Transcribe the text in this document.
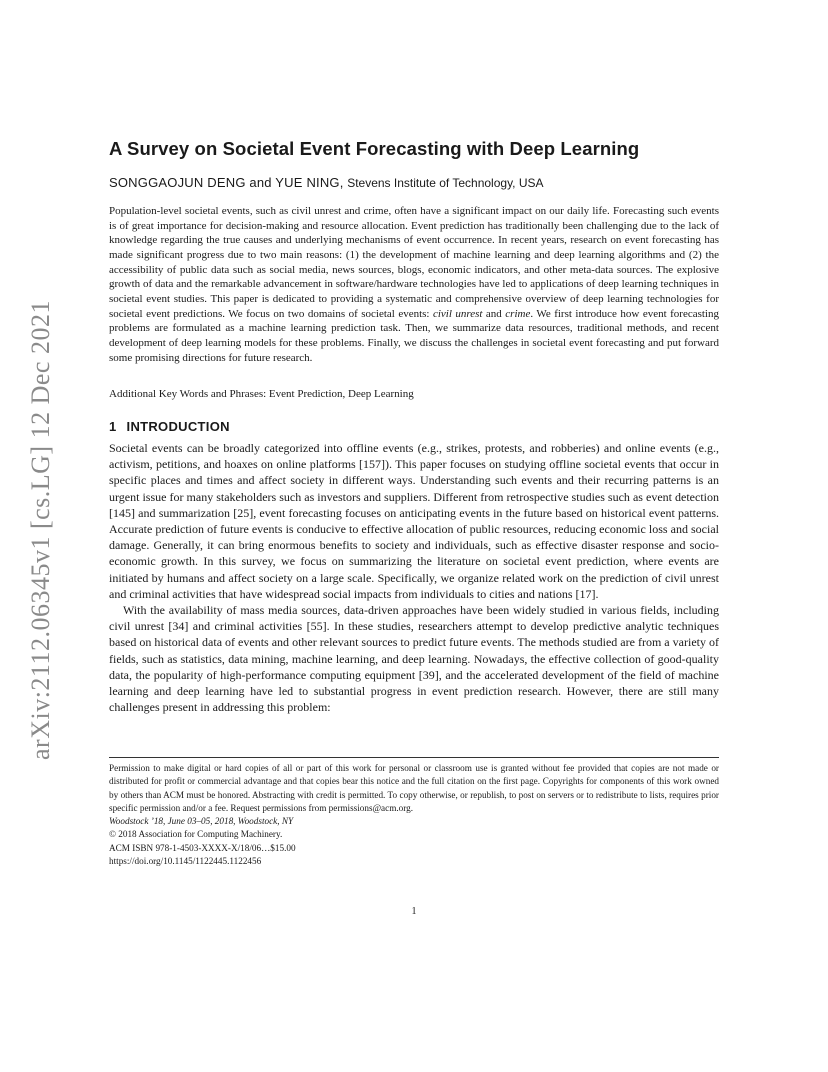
arXiv:2112.06345v1 [cs.LG] 12 Dec 2021
A Survey on Societal Event Forecasting with Deep Learning
SONGGAOJUN DENG and YUE NING, Stevens Institute of Technology, USA

Population-level societal events, such as civil unrest and crime, often have a significant impact on our daily life. Forecasting such events is of great importance for decision-making and resource allocation. Event prediction has traditionally been challenging due to the lack of knowledge regarding the true causes and underlying mechanisms of event occurrence. In recent years, research on event forecasting has made significant progress due to two main reasons: (1) the development of machine learning and deep learning algorithms and (2) the accessibility of public data such as social media, news sources, blogs, economic indicators, and other meta-data sources. The explosive growth of data and the remarkable advancement in software/hardware technologies have led to applications of deep learning techniques in societal event studies. This paper is dedicated to providing a systematic and comprehensive overview of deep learning technologies for societal event predictions. We focus on two domains of societal events: civil unrest and crime. We first introduce how event forecasting problems are formulated as a machine learning prediction task. Then, we summarize data resources, traditional methods, and recent development of deep learning models for these problems. Finally, we discuss the challenges in societal event forecasting and put forward some promising directions for future research.

Additional Key Words and Phrases: Event Prediction, Deep Learning

1 INTRODUCTION

Societal events can be broadly categorized into offline events (e.g., strikes, protests, and robberies) and online events (e.g., activism, petitions, and hoaxes on online platforms [157]). This paper focuses on studying offline societal events that occur in specific places and times and affect society in different ways. Understanding such events and their recurring patterns is an urgent issue for many stakeholders such as investors and suppliers. Different from retrospective studies such as event detection [145] and summarization [25], event forecasting focuses on anticipating events in the future based on historical event patterns. Accurate prediction of future events is conducive to effective allocation of public resources, reducing economic loss and social damage. Generally, it can bring enormous benefits to society and individuals, such as effective disaster response and socio-economic growth. In this survey, we focus on summarizing the literature on societal event prediction, where events are initiated by humans and affect society on a large scale. Specifically, we organize related work on the prediction of civil unrest and criminal activities that have widespread social impacts from individuals to cities and nations [17].

With the availability of mass media sources, data-driven approaches have been widely studied in various fields, including civil unrest [34] and criminal activities [55]. In these studies, researchers attempt to develop predictive analytic techniques based on historical data of events and other relevant sources to predict future events. The methods studied are from a variety of fields, such as statistics, data mining, machine learning, and deep learning. Nowadays, the effective collection of good-quality data, the popularity of high-performance computing equipment [39], and the accelerated development of the field of machine learning and deep learning have led to substantial progress in event prediction research. However, there are still many challenges present in addressing this problem:

Permission to make digital or hard copies of all or part of this work for personal or classroom use is granted without fee provided that copies are not made or distributed for profit or commercial advantage and that copies bear this notice and the full citation on the first page. Copyrights for components of this work owned by others than ACM must be honored. Abstracting with credit is permitted. To copy otherwise, or republish, to post on servers or to redistribute to lists, requires prior specific permission and/or a fee. Request permissions from permissions@acm.org.

Woodstock ’18, June 03–05, 2018, Woodstock, NY

© 2018 Association for Computing Machinery.

ACM ISBN 978-1-4503-XXXX-X/18/06…$15.00

https://doi.org/10.1145/1122445.1122456

1
